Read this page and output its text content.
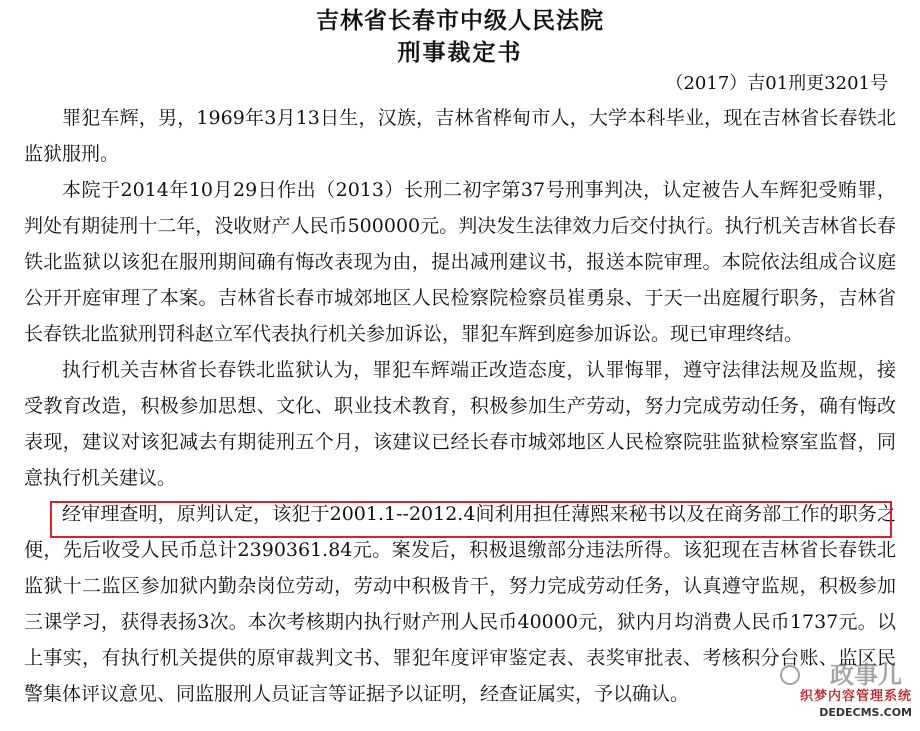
吉林省长春市中级人民法院
刑事裁定书
（2017）吉01刑更3201号

罪犯车辉，男，1969年3月13日生，汉族，吉林省桦甸市人，大学本科毕业，现在吉林省长春铁北监狱服刑。

本院于2014年10月29日作出（2013）长刑二初字第37号刑事判决，认定被告人车辉犯受贿罪，判处有期徒刑十二年，没收财产人民币500000元。判决发生法律效力后交付执行。执行机关吉林省长春铁北监狱以该犯在服刑期间确有悔改表现为由，提出减刑建议书，报送本院审理。本院依法组成合议庭公开开庭审理了本案。吉林省长春市城郊地区人民检察院检察员崔勇泉、于天一出庭履行职务，吉林省长春铁北监狱刑罚科赵立军代表执行机关参加诉讼，罪犯车辉到庭参加诉讼。现已审理终结。

执行机关吉林省长春铁北监狱认为，罪犯车辉端正改造态度，认罪悔罪，遵守法律法规及监规，接受教育改造，积极参加思想、文化、职业技术教育，积极参加生产劳动，努力完成劳动任务，确有悔改表现，建议对该犯减去有期徒刑五个月，该建议已经长春市城郊地区人民检察院驻监狱检察室监督，同意执行机关建议。

经审理查明，原判认定，该犯于2001.1--2012.4间利用担任薄熙来秘书以及在商务部工作的职务之便，先后收受人民币总计2390361.84元。案发后，积极退缴部分违法所得。该犯现在吉林省长春铁北监狱十二监区参加狱内勤杂岗位劳动，劳动中积极肯干，努力完成劳动任务，认真遵守监规，积极参加三课学习，获得表扬3次。本次考核期内执行财产刑人民币40000元，狱内月均消费人民币1737元。以上事实，有执行机关提供的原审裁判文书、罪犯年度评审鉴定表、表奖审批表、考核积分台账、监区民警集体评议意见、同监服刑人员证言等证据予以证明，经查证属实，予以确认。

政事儿
织梦内容管理系统
DEDECMS.COM
